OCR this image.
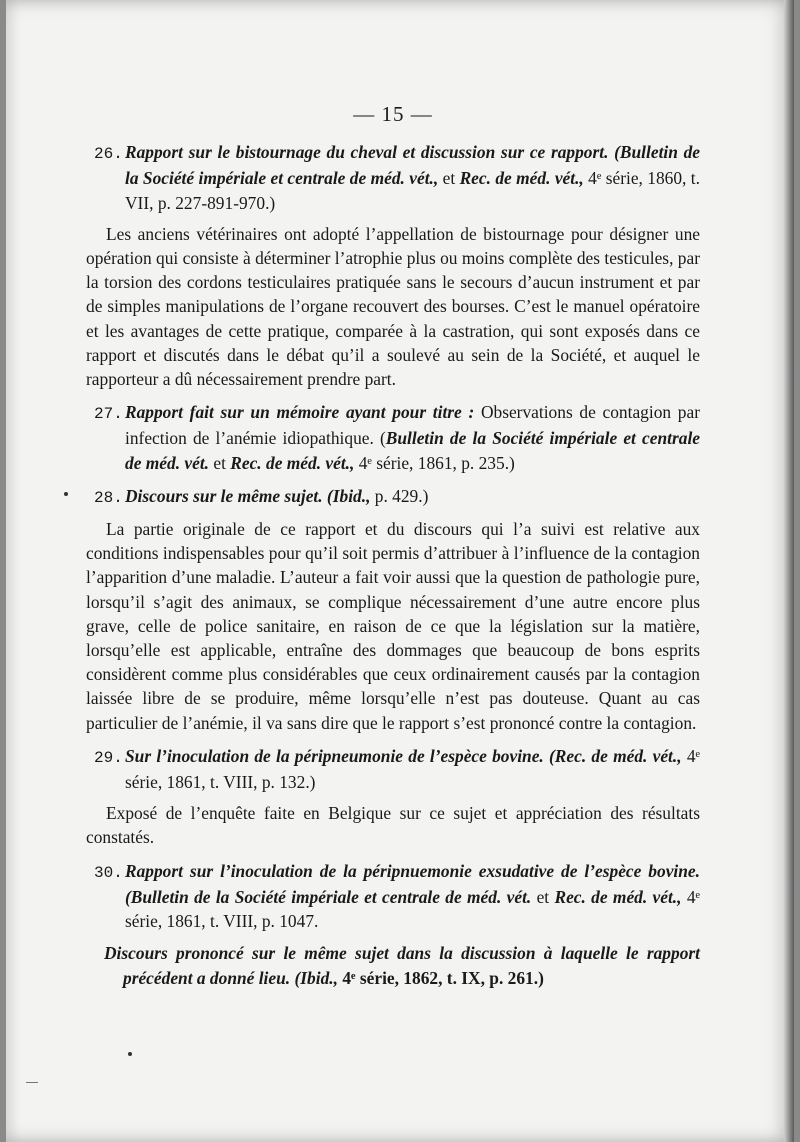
— 15 —

26. Rapport sur le bistournage du cheval et discussion sur ce rapport. (Bulletin de la Société impériale et centrale de méd. vét., et Rec. de méd. vét., 4ᵉ série, 1860, t. VII, p. 227-891-970.)

Les anciens vétérinaires ont adopté l’appellation de bistournage pour désigner une opération qui consiste à déterminer l’atrophie plus ou moins complète des testicules, par la torsion des cordons testiculaires pratiquée sans le secours d’aucun instrument et par de simples manipulations de l’organe recouvert des bourses. C’est le manuel opératoire et les avantages de cette pratique, comparée à la castration, qui sont exposés dans ce rapport et discutés dans le débat qu’il a soulevé au sein de la Société, et auquel le rapporteur a dû nécessairement prendre part.

27. Rapport fait sur un mémoire ayant pour titre : Observations de contagion par infection de l’anémie idiopathique. (Bulletin de la Société impériale et centrale de méd. vét. et Rec. de méd. vét., 4ᵉ série, 1861, p. 235.)

28. Discours sur le même sujet. (Ibid., p. 429.)

La partie originale de ce rapport et du discours qui l’a suivi est relative aux conditions indispensables pour qu’il soit permis d’attribuer à l’influence de la contagion l’apparition d’une maladie. L’auteur a fait voir aussi que la question de pathologie pure, lorsqu’il s’agit des animaux, se complique nécessairement d’une autre encore plus grave, celle de police sanitaire, en raison de ce que la législation sur la matière, lorsqu’elle est applicable, entraîne des dommages que beaucoup de bons esprits considèrent comme plus considérables que ceux ordinairement causés par la contagion laissée libre de se produire, même lorsqu’elle n’est pas douteuse. Quant au cas particulier de l’anémie, il va sans dire que le rapport s’est prononcé contre la contagion.

29. Sur l’inoculation de la péripneumonie de l’espèce bovine. (Rec. de méd. vét., 4ᵉ série, 1861, t. VIII, p. 132.)

Exposé de l’enquête faite en Belgique sur ce sujet et appréciation des résultats constatés.

30. Rapport sur l’inoculation de la péripnuemonie exsudative de l’espèce bovine. (Bulletin de la Société impériale et centrale de méd. vét. et Rec. de méd. vét., 4ᵉ série, 1861, t. VIII, p. 1047.

Discours prononcé sur le même sujet dans la discussion à laquelle le rapport précédent a donné lieu. (Ibid., 4ᵉ série, 1862, t. IX, p. 261.)
